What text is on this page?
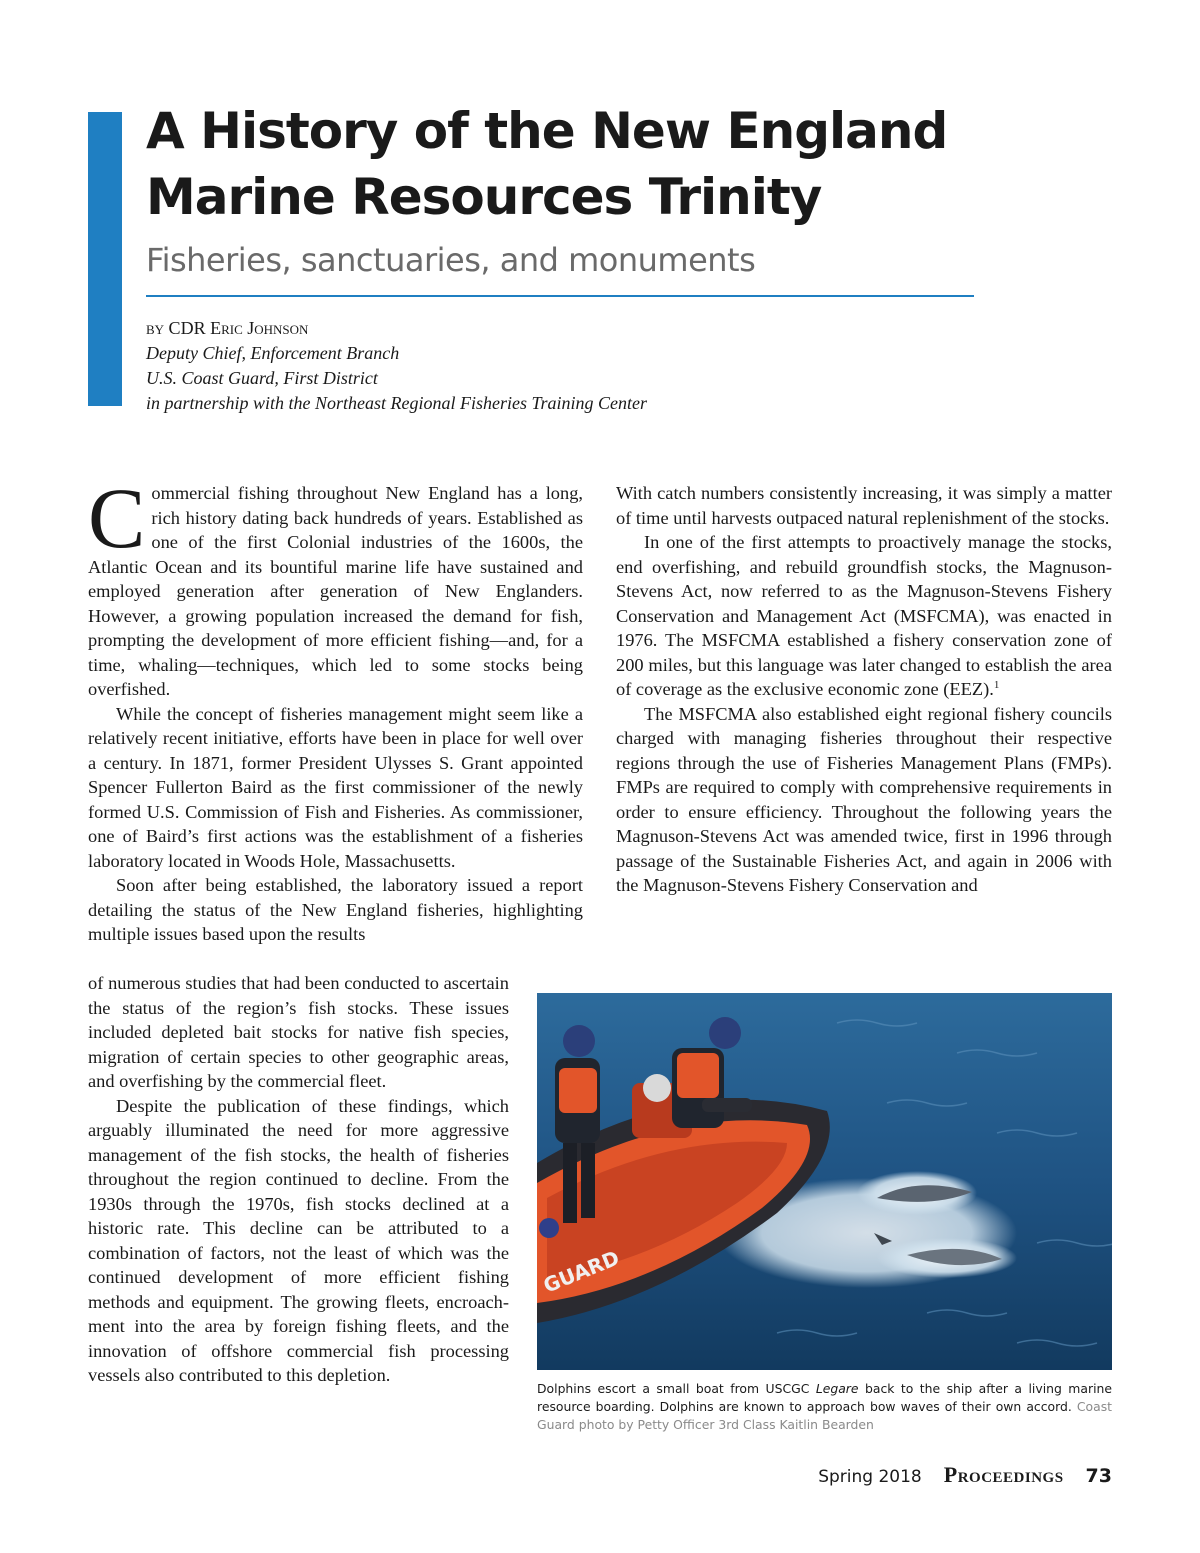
A History of the New England
Marine Resources Trinity
Fisheries, sanctuaries, and monuments
by CDR Eric Johnson
Deputy Chief, Enforcement Branch
U.S. Coast Guard, First District
in partnership with the Northeast Regional Fisheries Training Center

Commercial fishing throughout New England has a long, rich history dating back hundreds of years. Established as one of the first Colonial industries of the 1600s, the Atlantic Ocean and its bountiful marine life have sustained and employed generation after generation of New Englanders. However, a growing population increased the demand for fish, prompting the development of more efficient fishing—and, for a time, whaling—techniques, which led to some stocks being overfished.

While the concept of fisheries management might seem like a relatively recent initiative, efforts have been in place for well over a century. In 1871, former President Ulysses S. Grant appointed Spencer Fullerton Baird as the first commissioner of the newly formed U.S. Commission of Fish and Fisheries. As commissioner, one of Baird’s first actions was the establishment of a fisheries laboratory located in Woods Hole, Massachusetts.

Soon after being established, the laboratory issued a report detailing the status of the New England fisheries, highlighting multiple issues based upon the results

of numerous studies that had been conducted to ascertain the status of the region’s fish stocks. These issues included depleted bait stocks for native fish species, migration of certain species to other geographic areas, and overfishing by the commercial fleet.

Despite the publication of these findings, which arguably illuminated the need for more aggressive management of the fish stocks, the health of fisheries throughout the region continued to decline. From the 1930s through the 1970s, fish stocks declined at a historic rate. This decline can be attributed to a combination of factors, not the least of which was the continued development of more efficient fishing methods and equipment. The growing fleets, encroachment into the area by foreign fishing fleets, and the innovation of offshore commercial fish processing vessels also contributed to this depletion.

With catch numbers consistently increasing, it was simply a matter of time until harvests outpaced natural replenishment of the stocks.

In one of the first attempts to proactively manage the stocks, end overfishing, and rebuild groundfish stocks, the Magnuson-Stevens Act, now referred to as the Magnuson-Stevens Fishery Conservation and Management Act (MSFCMA), was enacted in 1976. The MSFCMA established a fishery conservation zone of 200 miles, but this language was later changed to establish the area of coverage as the exclusive economic zone (EEZ).$^1$

The MSFCMA also established eight regional fishery councils charged with managing fisheries throughout their respective regions through the use of Fisheries Management Plans (FMPs). FMPs are required to comply with comprehensive requirements in order to ensure efficiency. Throughout the following years the Magnuson-Stevens Act was amended twice, first in 1996 through passage of the Sustainable Fisheries Act, and again in 2006 with the Magnuson-Stevens Fishery Conservation and

GUARD
Dolphins escort a small boat from USCGC Legare back to the ship after a living marine resource boarding. Dolphins are known to approach bow waves of their own accord. Coast Guard photo by Petty Officer 3rd Class Kaitlin Bearden
Spring 2018 Proceedings 73
